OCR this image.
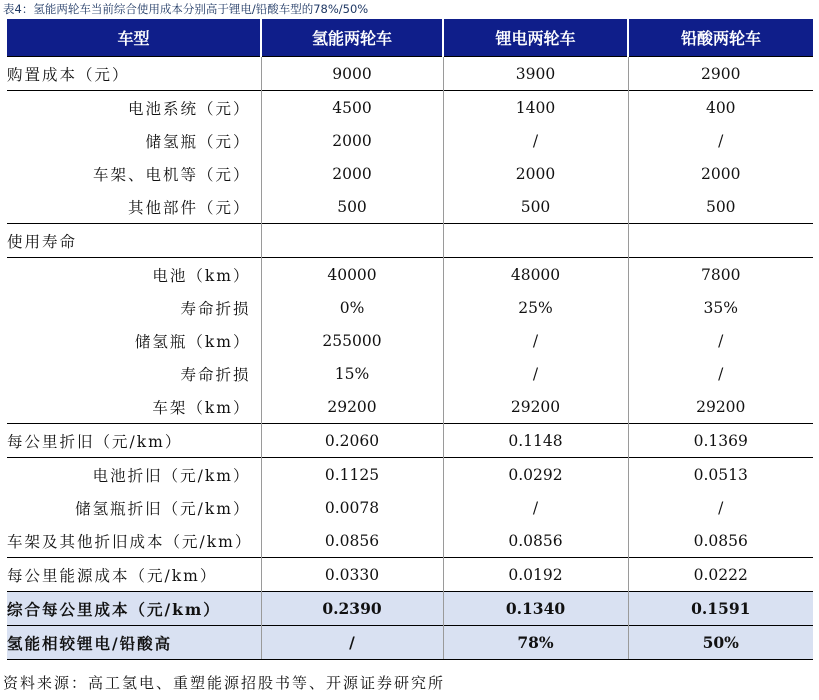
表4：氢能两轮车当前综合使用成本分别高于锂电/铅酸车型的78%/50%
车型	氢能两轮车	锂电两轮车	铅酸两轮车
购置成本（元）	9000	3900	2900
电池系统（元）	4500	1400	400
储氢瓶（元）	2000	/	/
车架、电机等（元）	2000	2000	2000
其他部件（元）	500	500	500
使用寿命			
电池（km）	40000	48000	7800
寿命折损	0%	25%	35%
储氢瓶（km）	255000	/	/
寿命折损	15%	/	/
车架（km）	29200	29200	29200
每公里折旧（元/km）	0.2060	0.1148	0.1369
电池折旧（元/km）	0.1125	0.0292	0.0513
储氢瓶折旧（元/km）	0.0078	/	/
车架及其他折旧成本（元/km）	0.0856	0.0856	0.0856
每公里能源成本（元/km）	0.0330	0.0192	0.0222
综合每公里成本（元/km）	0.2390	0.1340	0.1591
氢能相较锂电/铅酸高	/	78%	50%
资料来源：高工氢电、重塑能源招股书等、开源证券研究所
